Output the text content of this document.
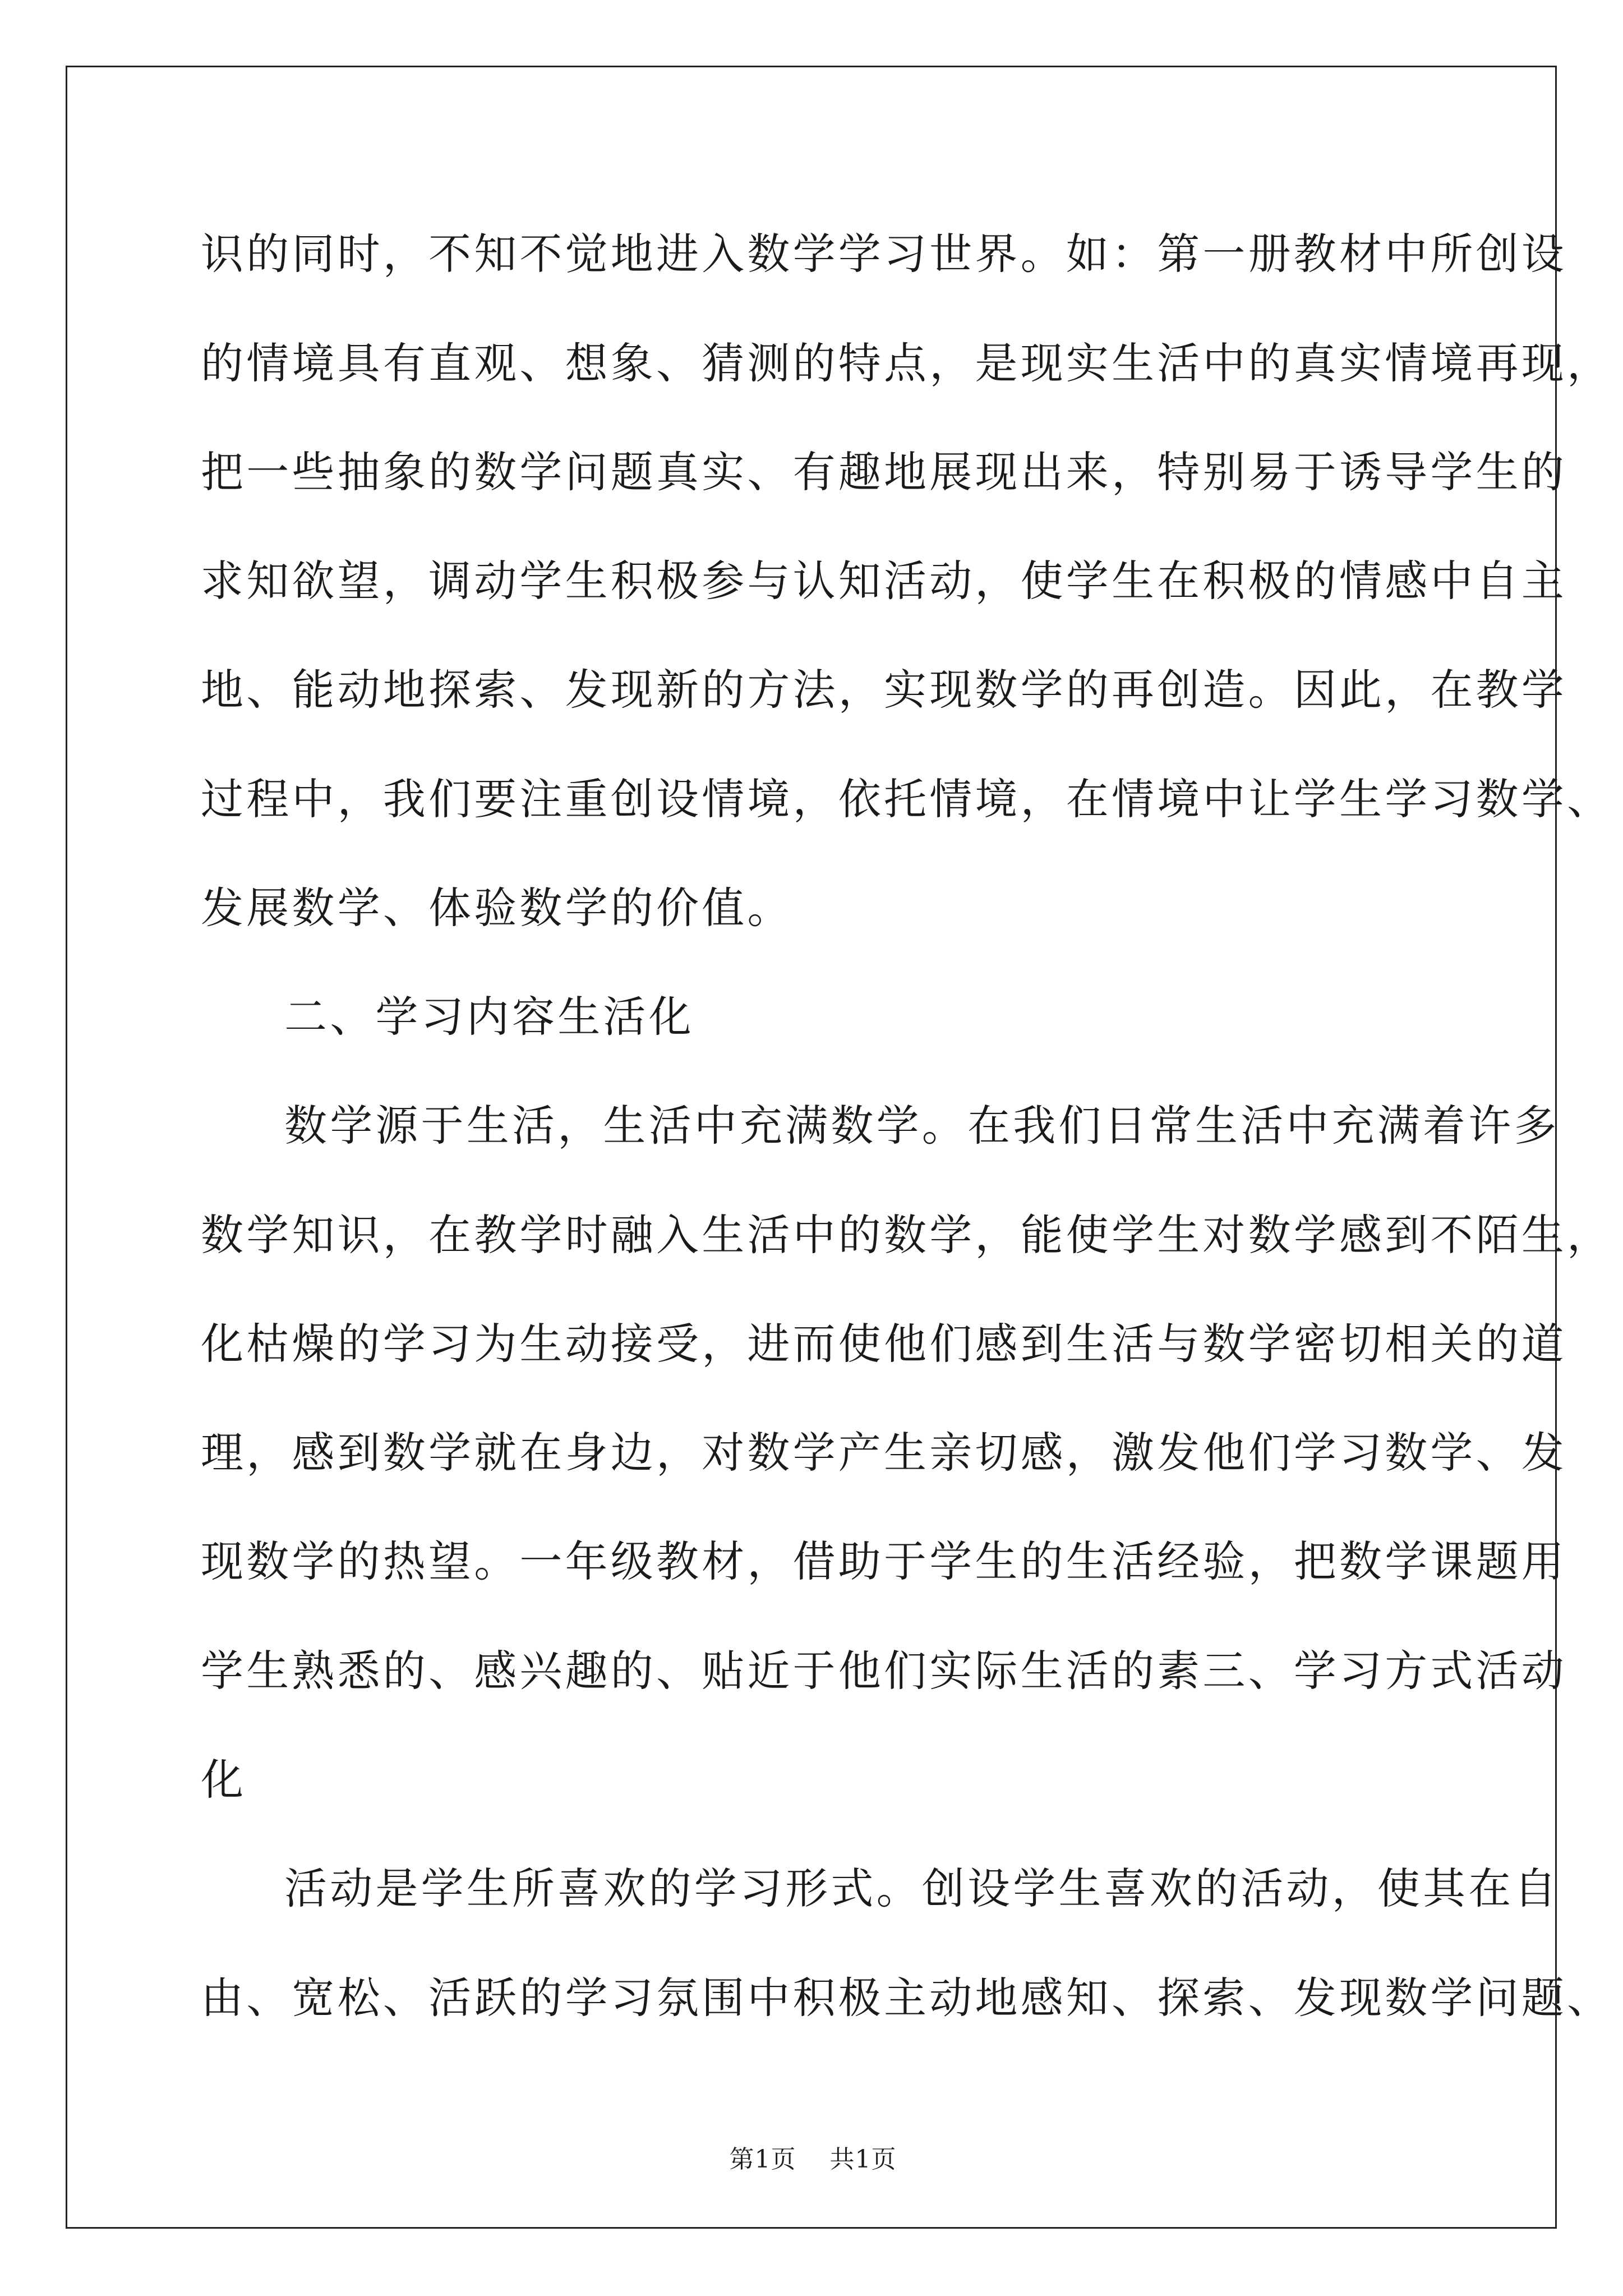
识的同时，不知不觉地进入数学学习世界。如：第一册教材中所创设
的情境具有直观、想象、猜测的特点，是现实生活中的真实情境再现，
把一些抽象的数学问题真实、有趣地展现出来，特别易于诱导学生的
求知欲望，调动学生积极参与认知活动，使学生在积极的情感中自主
地、能动地探索、发现新的方法，实现数学的再创造。因此，在教学
过程中，我们要注重创设情境，依托情境，在情境中让学生学习数学、
发展数学、体验数学的价值。
二、学习内容生活化
数学源于生活，生活中充满数学。在我们日常生活中充满着许多
数学知识，在教学时融入生活中的数学，能使学生对数学感到不陌生，
化枯燥的学习为生动接受，进而使他们感到生活与数学密切相关的道
理，感到数学就在身边，对数学产生亲切感，激发他们学习数学、发
现数学的热望。一年级教材，借助于学生的生活经验，把数学课题用
学生熟悉的、感兴趣的、贴近于他们实际生活的素三、学习方式活动
化
活动是学生所喜欢的学习形式。创设学生喜欢的活动，使其在自
由、宽松、活跃的学习氛围中积极主动地感知、探索、发现数学问题、
第1页 共1页
